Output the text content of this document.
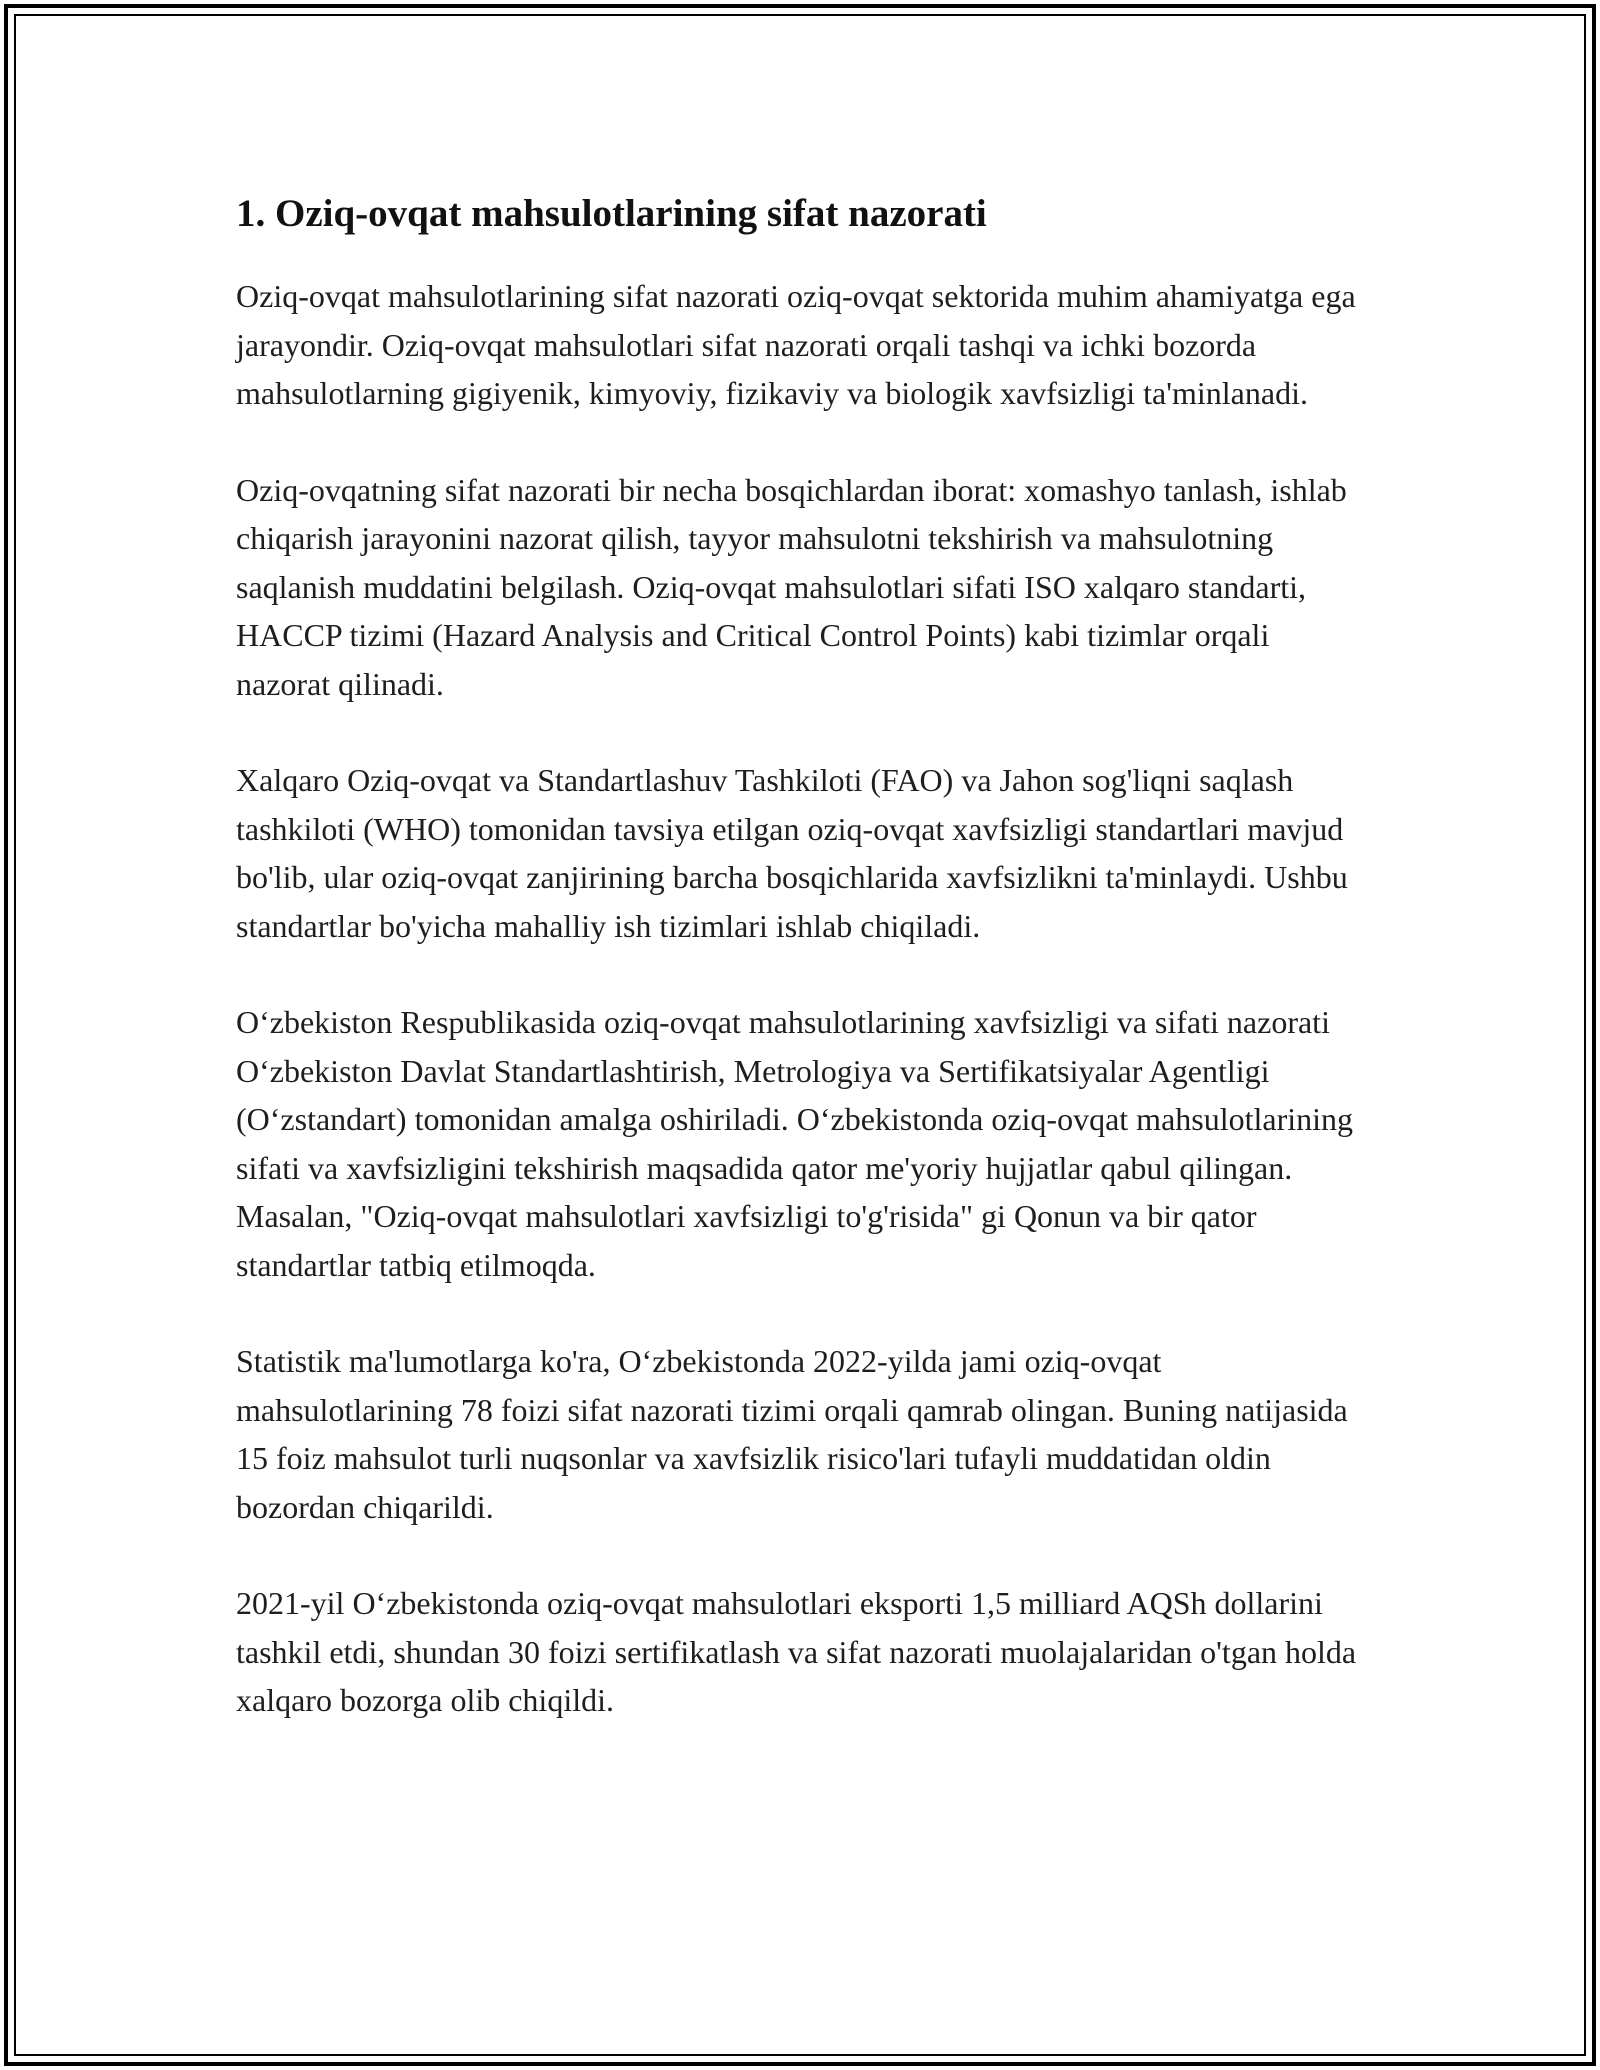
1. Oziq-ovqat mahsulotlarining sifat nazorati

Oziq-ovqat mahsulotlarining sifat nazorati oziq-ovqat sektorida muhim ahamiyatga ega jarayondir. Oziq-ovqat mahsulotlari sifat nazorati orqali tashqi va ichki bozorda mahsulotlarning gigiyenik, kimyoviy, fizikaviy va biologik xavfsizligi ta'minlanadi.

Oziq-ovqatning sifat nazorati bir necha bosqichlardan iborat: xomashyo tanlash, ishlab chiqarish jarayonini nazorat qilish, tayyor mahsulotni tekshirish va mahsulotning saqlanish muddatini belgilash. Oziq-ovqat mahsulotlari sifati ISO xalqaro standarti, HACCP tizimi (Hazard Analysis and Critical Control Points) kabi tizimlar orqali nazorat qilinadi.

Xalqaro Oziq-ovqat va Standartlashuv Tashkiloti (FAO) va Jahon sog'liqni saqlash tashkiloti (WHO) tomonidan tavsiya etilgan oziq-ovqat xavfsizligi standartlari mavjud bo'lib, ular oziq-ovqat zanjirining barcha bosqichlarida xavfsizlikni ta'minlaydi. Ushbu standartlar bo'yicha mahalliy ish tizimlari ishlab chiqiladi.

O‘zbekiston Respublikasida oziq-ovqat mahsulotlarining xavfsizligi va sifati nazorati O‘zbekiston Davlat Standartlashtirish, Metrologiya va Sertifikatsiyalar Agentligi (O‘zstandart) tomonidan amalga oshiriladi. O‘zbekistonda oziq-ovqat mahsulotlarining sifati va xavfsizligini tekshirish maqsadida qator me'yoriy hujjatlar qabul qilingan. Masalan, "Oziq-ovqat mahsulotlari xavfsizligi to'g'risida" gi Qonun va bir qator standartlar tatbiq etilmoqda.

Statistik ma'lumotlarga ko'ra, O‘zbekistonda 2022-yilda jami oziq-ovqat mahsulotlarining 78 foizi sifat nazorati tizimi orqali qamrab olingan. Buning natijasida 15 foiz mahsulot turli nuqsonlar va xavfsizlik risico'lari tufayli muddatidan oldin bozordan chiqarildi.

2021-yil O‘zbekistonda oziq-ovqat mahsulotlari eksporti 1,5 milliard AQSh dollarini tashkil etdi, shundan 30 foizi sertifikatlash va sifat nazorati muolajalaridan o'tgan holda xalqaro bozorga olib chiqildi.
